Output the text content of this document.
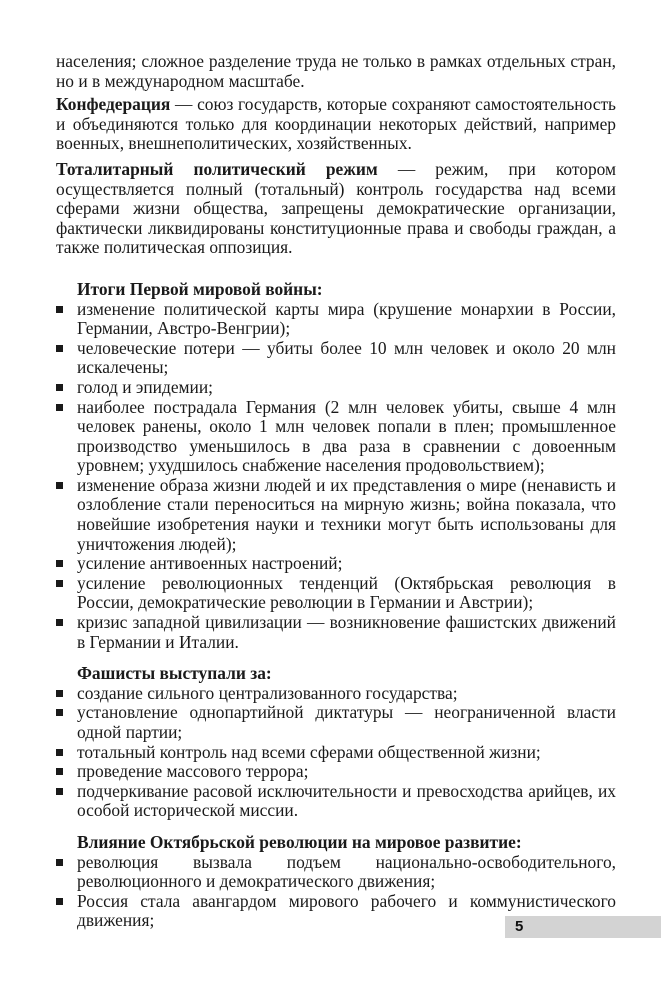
населения; сложное разделение труда не только в рамках отдельных стран, но и в международном масштабе.

Конфедерация — союз государств, которые сохраняют самостоятельность и объединяются только для координации некоторых действий, например военных, внешнеполитических, хозяйственных.

Тоталитарный политический режим — режим, при котором осуществляется полный (тотальный) контроль государства над всеми сферами жизни общества, запрещены демократические организации, фактически ликвидированы конституционные права и свободы граждан, а также политическая оппозиция.

Итоги Первой мировой войны:

изменение политической карты мира (крушение монархии в России, Германии, Австро-Венгрии);
человеческие потери — убиты более 10 млн человек и около 20 млн искалечены;
голод и эпидемии;
наиболее пострадала Германия (2 млн человек убиты, свыше 4 млн человек ранены, около 1 млн человек попали в плен; промышленное производство уменьшилось в два раза в сравнении с довоенным уровнем; ухудшилось снабжение населения продовольствием);
изменение образа жизни людей и их представления о мире (ненависть и озлобление стали переноситься на мирную жизнь; война показала, что новейшие изобретения науки и техники могут быть использованы для уничтожения людей);
усиление антивоенных настроений;
усиление революционных тенденций (Октябрьская революция в России, демократические революции в Германии и Австрии);
кризис западной цивилизации — возникновение фашистских движений в Германии и Италии.

Фашисты выступали за:

создание сильного централизованного государства;
установление однопартийной диктатуры — неограниченной власти одной партии;
тотальный контроль над всеми сферами общественной жизни;
проведение массового террора;
подчеркивание расовой исключительности и превосходства арийцев, их особой исторической миссии.

Влияние Октябрьской революции на мировое развитие:

революция вызвала подъем национально-освободительного, революционного и демократического движения;
Россия стала авангардом мирового рабочего и коммунистического движения;	5
